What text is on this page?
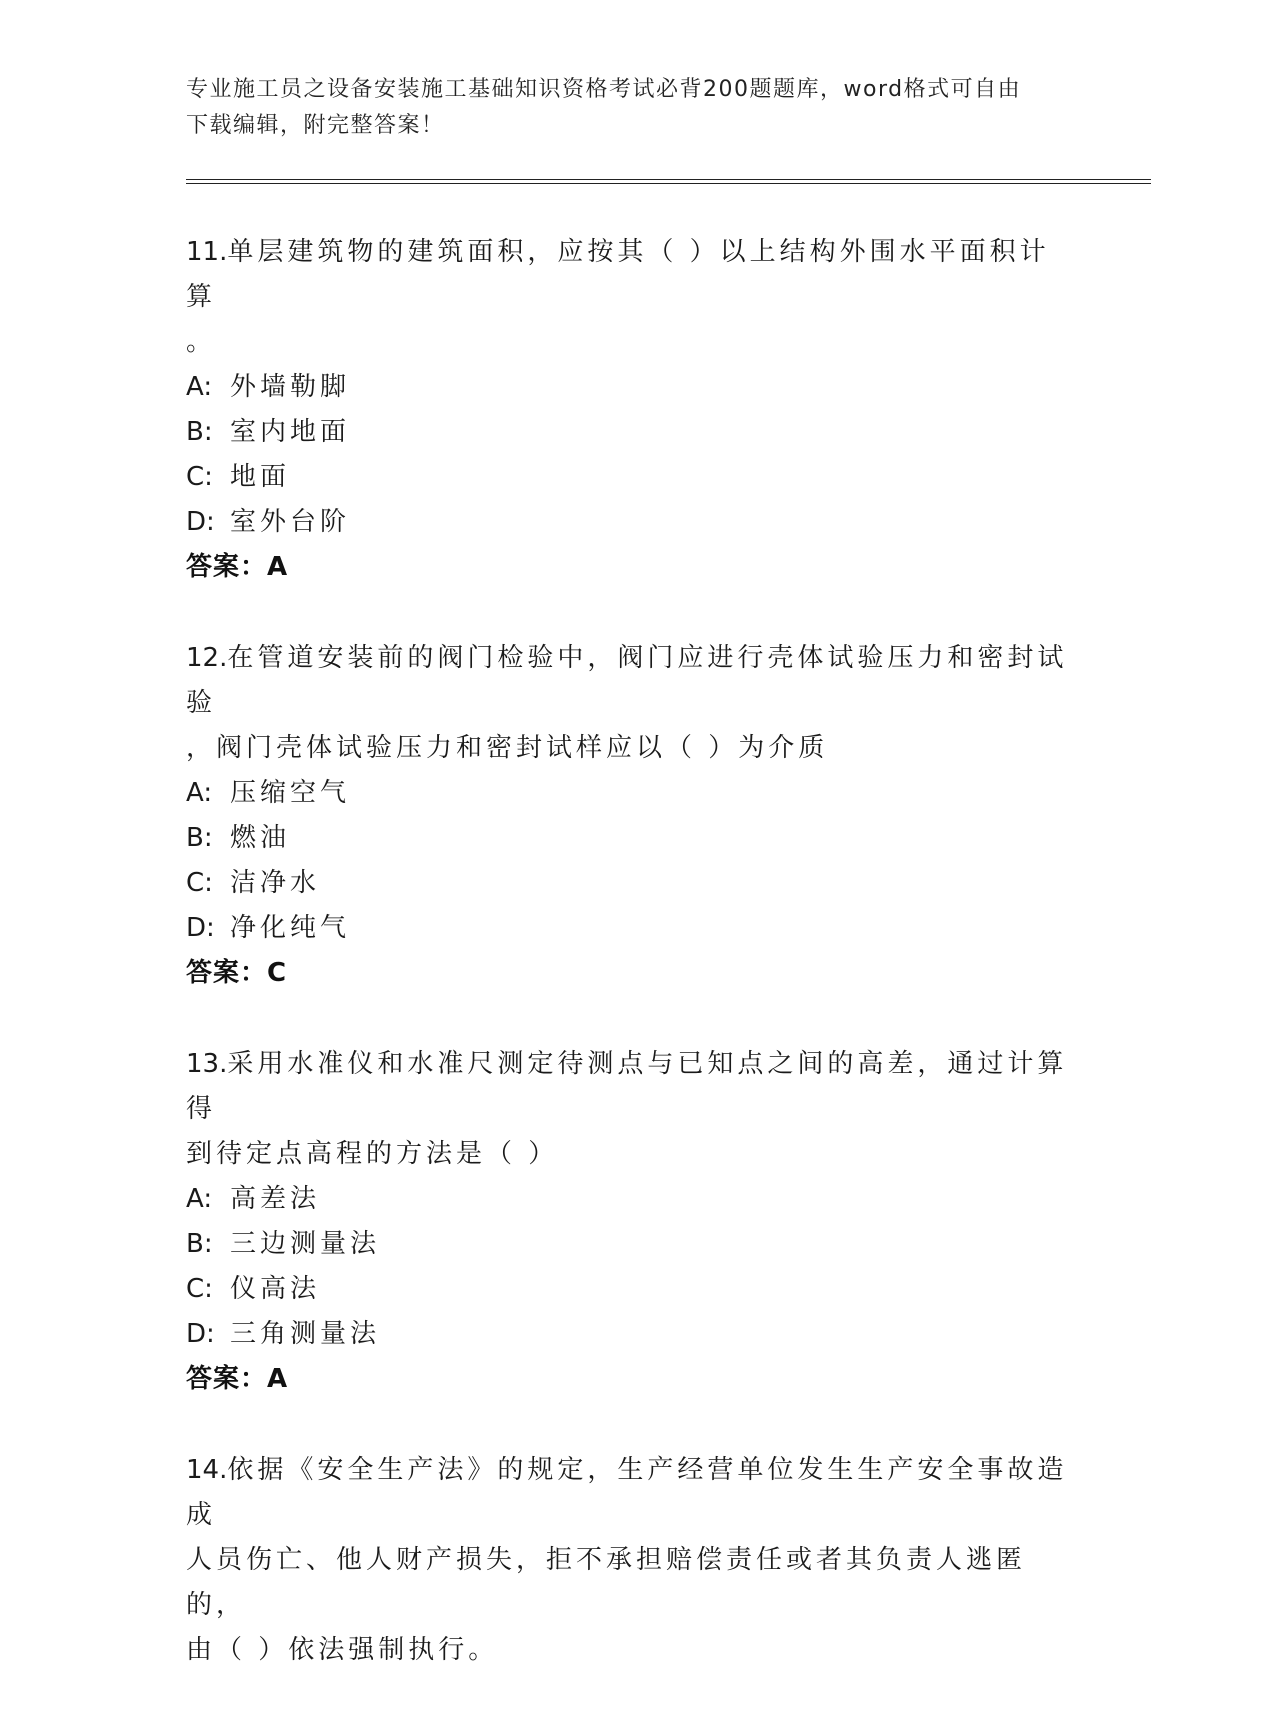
专业施工员之设备安装施工基础知识资格考试必背200题题库，word格式可自由
下载编辑，附完整答案！
11.单层建筑物的建筑面积，应按其（ ）以上结构外围水平面积计算
。
A: 外墙勒脚
B: 室内地面
C: 地面
D: 室外台阶
答案：A
12.在管道安装前的阀门检验中，阀门应进行壳体试验压力和密封试验
，阀门壳体试验压力和密封试样应以（ ）为介质
A: 压缩空气
B: 燃油
C: 洁净水
D: 净化纯气
答案：C
13.采用水准仪和水准尺测定待测点与已知点之间的高差，通过计算得
到待定点高程的方法是（ ）
A: 高差法
B: 三边测量法
C: 仪高法
D: 三角测量法
答案：A
14.依据《安全生产法》的规定，生产经营单位发生生产安全事故造成
人员伤亡、他人财产损失，拒不承担赔偿责任或者其负责人逃匿的，
由（ ）依法强制执行。
